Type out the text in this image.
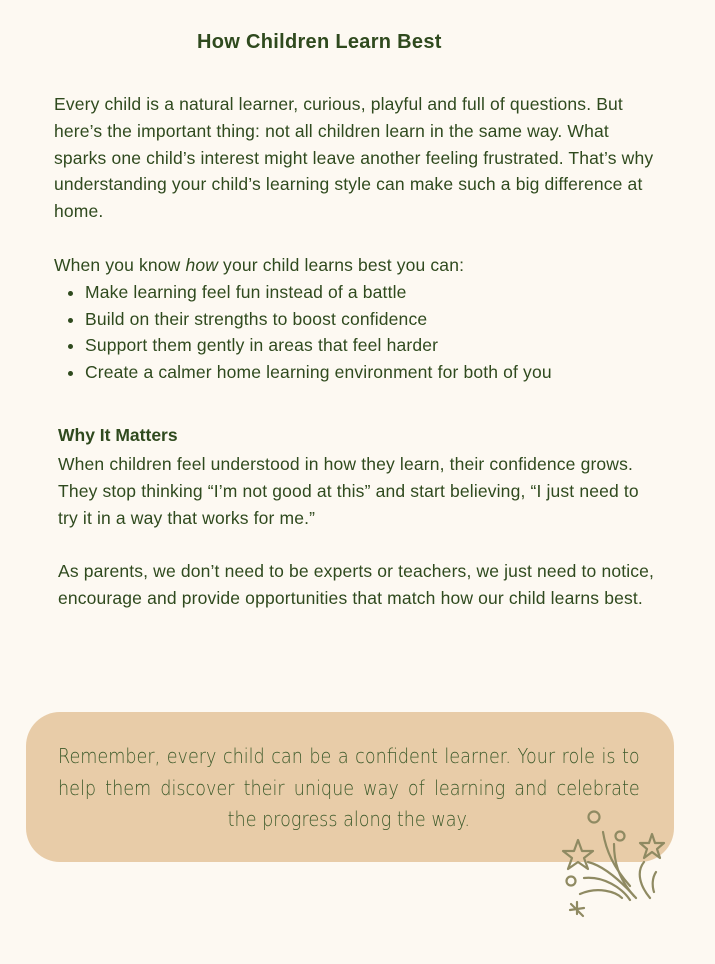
How Children Learn Best

Every child is a natural learner, curious, playful and full of questions. But here’s the important thing: not all children learn in the same way. What sparks one child’s interest might leave another feeling frustrated. That’s why understanding your child’s learning style can make such a big difference at home.

When you know how your child learns best you can:

• Make learning feel fun instead of a battle
• Build on their strengths to boost confidence
• Support them gently in areas that feel harder
• Create a calmer home learning environment for both of you
Why It Matters

When children feel understood in how they learn, their confidence grows. They stop thinking “I’m not good at this” and start believing, “I just need to try it in a way that works for me.”

As parents, we don’t need to be experts or teachers, we just need to notice, encourage and provide opportunities that match how our child learns best.

Remember, every child can be a confident learner. Your role is to help them discover their unique way of learning and celebrate the progress along the way.
